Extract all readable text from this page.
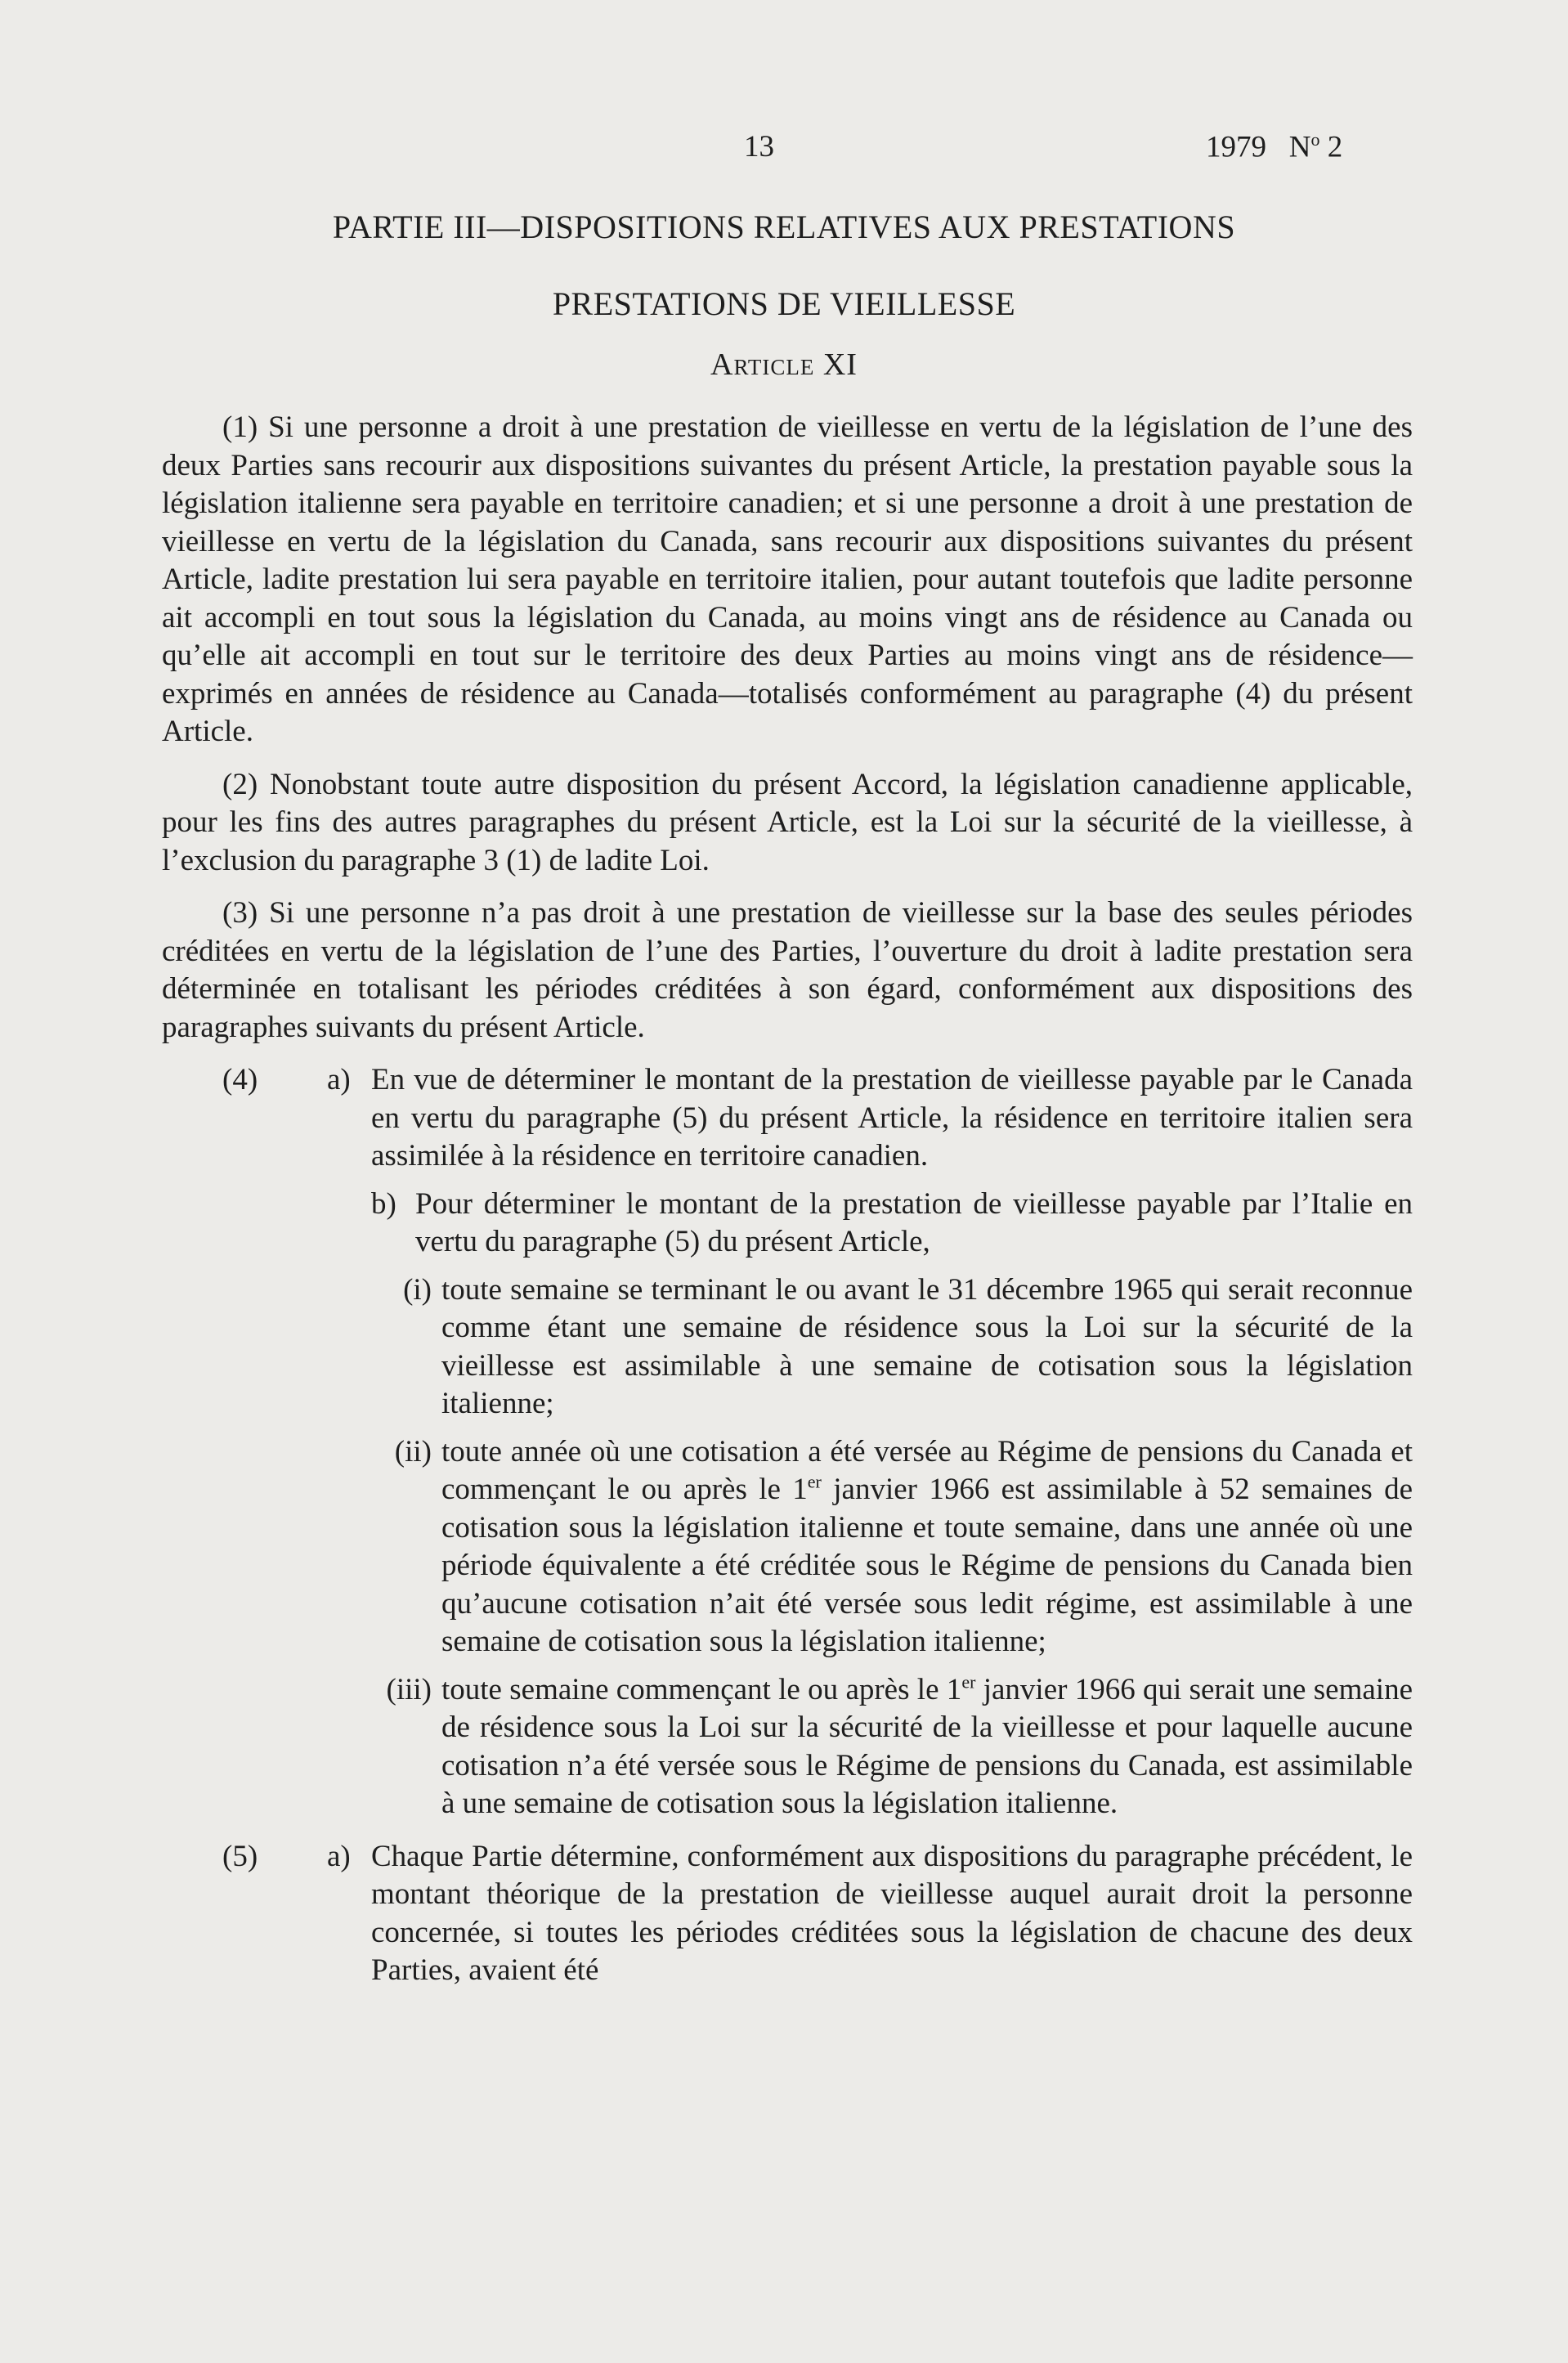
13	1979 $N^o$ 2
PARTIE III—DISPOSITIONS RELATIVES AUX PRESTATIONS
PRESTATIONS DE VIEILLESSE
Article XI

(1) Si une personne a droit à une prestation de vieillesse en vertu de la législation de l’une des deux Parties sans recourir aux dispositions suivantes du présent Article, la prestation payable sous la législation italienne sera payable en territoire canadien; et si une personne a droit à une prestation de vieillesse en vertu de la législation du Canada, sans recourir aux dispositions suivantes du présent Article, ladite prestation lui sera payable en territoire italien, pour autant toutefois que ladite personne ait accompli en tout sous la législation du Canada, au moins vingt ans de résidence au Canada ou qu’elle ait accompli en tout sur le territoire des deux Parties au moins vingt ans de résidence—exprimés en années de résidence au Canada—totalisés conformément au paragraphe (4) du présent Article.

(2) Nonobstant toute autre disposition du présent Accord, la législation canadienne applicable, pour les fins des autres paragraphes du présent Article, est la Loi sur la sécurité de la vieillesse, à l’exclusion du paragraphe 3 (1) de ladite Loi.

(3) Si une personne n’a pas droit à une prestation de vieillesse sur la base des seules périodes créditées en vertu de la législation de l’une des Parties, l’ouverture du droit à ladite prestation sera déterminée en totalisant les périodes créditées à son égard, conformément aux dispositions des paragraphes suivants du présent Article.

(4)	a) En vue de déterminer le montant de la prestation de vieillesse payable par le Canada en vertu du paragraphe (5) du présent Article, la résidence en territoire italien sera assimilée à la résidence en territoire canadien.
b) Pour déterminer le montant de la prestation de vieillesse payable par l’Italie en vertu du paragraphe (5) du présent Article,
(i) toute semaine se terminant le ou avant le 31 décembre 1965 qui serait reconnue comme étant une semaine de résidence sous la Loi sur la sécurité de la vieillesse est assimilable à une semaine de cotisation sous la législation italienne;
(ii) toute année où une cotisation a été versée au Régime de pensions du Canada et commençant le ou après le 1er janvier 1966 est assimilable à 52 semaines de cotisation sous la législation italienne et toute semaine, dans une année où une période équivalente a été créditée sous le Régime de pensions du Canada bien qu’aucune cotisation n’ait été versée sous ledit régime, est assimilable à une semaine de cotisation sous la législation italienne;
(iii) toute semaine commençant le ou après le 1er janvier 1966 qui serait une semaine de résidence sous la Loi sur la sécurité de la vieillesse et pour laquelle aucune cotisation n’a été versée sous le Régime de pensions du Canada, est assimilable à une semaine de cotisation sous la législation italienne.
(5)	a) Chaque Partie détermine, conformément aux dispositions du paragraphe précédent, le montant théorique de la prestation de vieillesse auquel aurait droit la personne concernée, si toutes les périodes créditées sous la législation de chacune des deux Parties, avaient été
